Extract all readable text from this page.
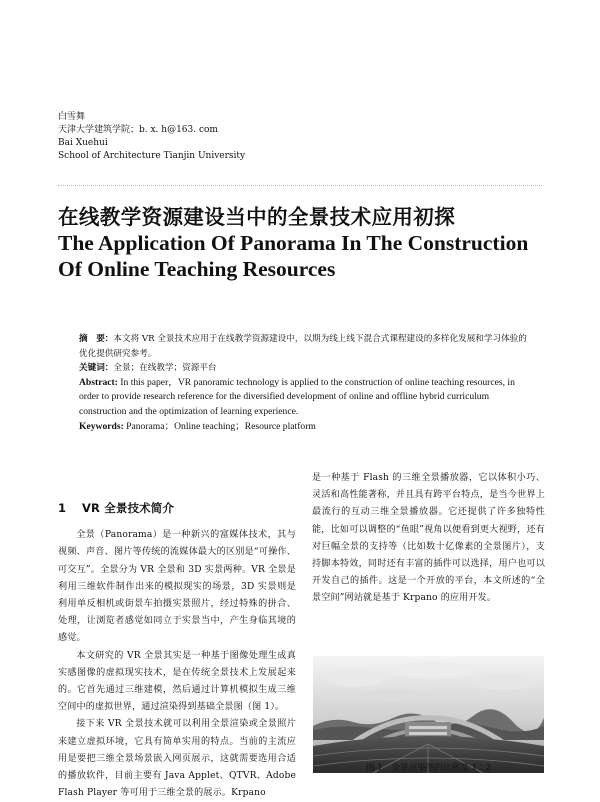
白雪舞
天津大学建筑学院；b. x. h@163. com
Bai Xuehui
School of Architecture Tianjin University
在线教学资源建设当中的全景技术应用初探
The Application Of Panorama In The Construction Of Online Teaching Resources

摘　要：本文将 VR 全景技术应用于在线教学资源建设中，以期为线上线下混合式课程建设的多样化发展和学习体验的优化提供研究参考。

关键词：全景；在线教学；资源平台

Abstract: In this paper，VR panoramic technology is applied to the construction of online teaching resources, in order to provide research reference for the diversified development of online and offline hybrid curriculum construction and the optimization of learning experience.

Keywords: Panorama；Online teaching；Resource platform

1 VR 全景技术简介

全景（Panorama）是一种新兴的富媒体技术，其与视频、声音、图片等传统的流媒体最大的区别是“可操作、可交互”。全景分为 VR 全景和 3D 实景两种。VR 全景是利用三维软件制作出来的模拟现实的场景，3D 实景则是利用单反相机或街景车拍摄实景照片，经过特殊的拼合、处理，让浏览者感觉如同立于实景当中，产生身临其境的感觉。

本文研究的 VR 全景其实是一种基于图像处理生成真实感图像的虚拟现实技术，是在传统全景技术上发展起来的。它首先通过三维建模，然后通过计算机模拟生成三维空间中的虚拟世界，通过渲染得到基础全景图（图 1）。

接下来 VR 全景技术就可以利用全景渲染或全景照片来建立虚拟环境，它具有简单实用的特点。当前的主流应用是要把三维全景场景嵌入网页展示，这就需要选用合适的播放软件，目前主要有 Java Applet、QTVR、Adobe Flash Player 等可用于三维全景的展示。Krpano

是一种基于 Flash 的三维全景播放器，它以体积小巧、灵活和高性能著称，并且具有跨平台特点，是当今世界上最流行的互动三维全景播放器。它还提供了许多独特性能，比如可以调整的“鱼眼”视角以便看到更大视野，还有对巨幅全景的支持等（比如数十亿像素的全景图片），支持脚本特效，同时还有丰富的插件可以选择，用户也可以开发自己的插件。这是一个开放的平台，本文所述的“全景空间”网站就是基于 Krpano 的应用开发。

图 1　全景渲染图的比例是 1∶2
